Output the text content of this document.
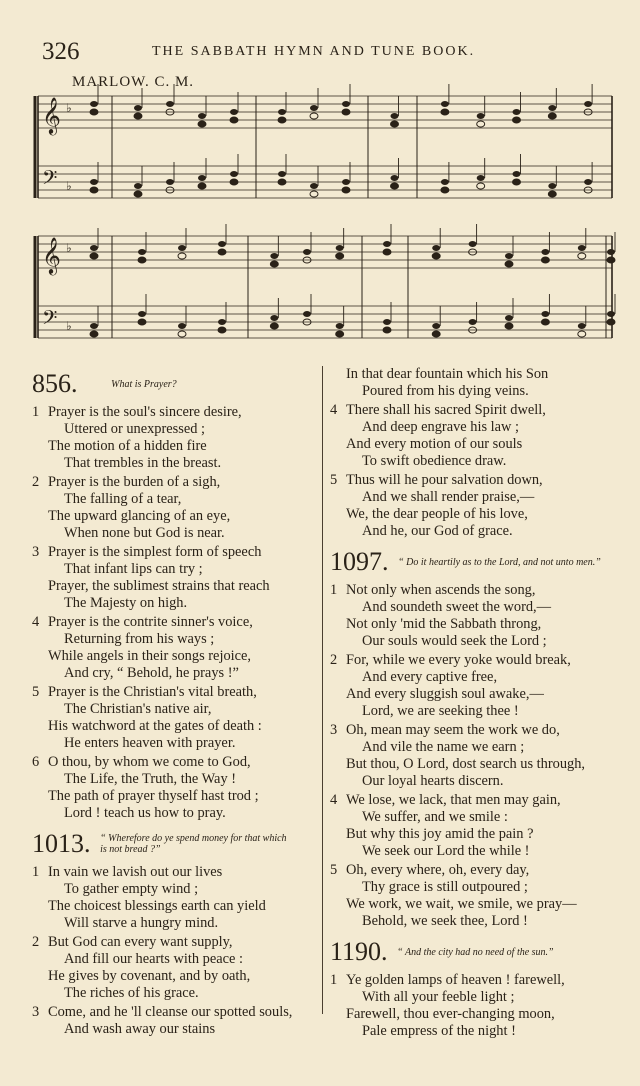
326	THE SABBATH HYMN AND TUNE BOOK.
MARLOW. C. M.
𝄞 ♭
𝄢 ♭
𝄞 ♭
𝄢 ♭
856.	What is Prayer?
1 Prayer is the soul's sincere desire,
Uttered or unexpressed ;
The motion of a hidden fire
That trembles in the breast.
2 Prayer is the burden of a sigh,
The falling of a tear,
The upward glancing of an eye,
When none but God is near.
3 Prayer is the simplest form of speech
That infant lips can try ;
Prayer, the sublimest strains that reach
The Majesty on high.
4 Prayer is the contrite sinner's voice,
Returning from his ways ;
While angels in their songs rejoice,
And cry, “ Behold, he prays !”
5 Prayer is the Christian's vital breath,
The Christian's native air,
His watchword at the gates of death :
He enters heaven with prayer.
6 O thou, by whom we come to God,
The Life, the Truth, the Way !
The path of prayer thyself hast trod ;
Lord ! teach us how to pray.
1013. “ Wherefore do ye spend money for that which is not bread ?”
1 In vain we lavish out our lives
To gather empty wind ;
The choicest blessings earth can yield
Will starve a hungry mind.
2 But God can every want supply,
And fill our hearts with peace :
He gives by covenant, and by oath,
The riches of his grace.
3 Come, and he 'll cleanse our spotted souls,
And wash away our stains
In that dear fountain which his Son
Poured from his dying veins.
4 There shall his sacred Spirit dwell,
And deep engrave his law ;
And every motion of our souls
To swift obedience draw.
5 Thus will he pour salvation down,
And we shall render praise,—
We, the dear people of his love,
And he, our God of grace.
1097. “ Do it heartily as to the Lord, and not unto men.”
1 Not only when ascends the song,
And soundeth sweet the word,—
Not only 'mid the Sabbath throng,
Our souls would seek the Lord ;
2 For, while we every yoke would break,
And every captive free,
And every sluggish soul awake,—
Lord, we are seeking thee !
3 Oh, mean may seem the work we do,
And vile the name we earn ;
But thou, O Lord, dost search us through,
Our loyal hearts discern.
4 We lose, we lack, that men may gain,
We suffer, and we smile :
But why this joy amid the pain ?
We seek our Lord the while !
5 Oh, every where, oh, every day,
Thy grace is still outpoured ;
We work, we wait, we smile, we pray—
Behold, we seek thee, Lord !
1190. “ And the city had no need of the sun.”
1 Ye golden lamps of heaven ! farewell,
With all your feeble light ;
Farewell, thou ever-changing moon,
Pale empress of the night !
